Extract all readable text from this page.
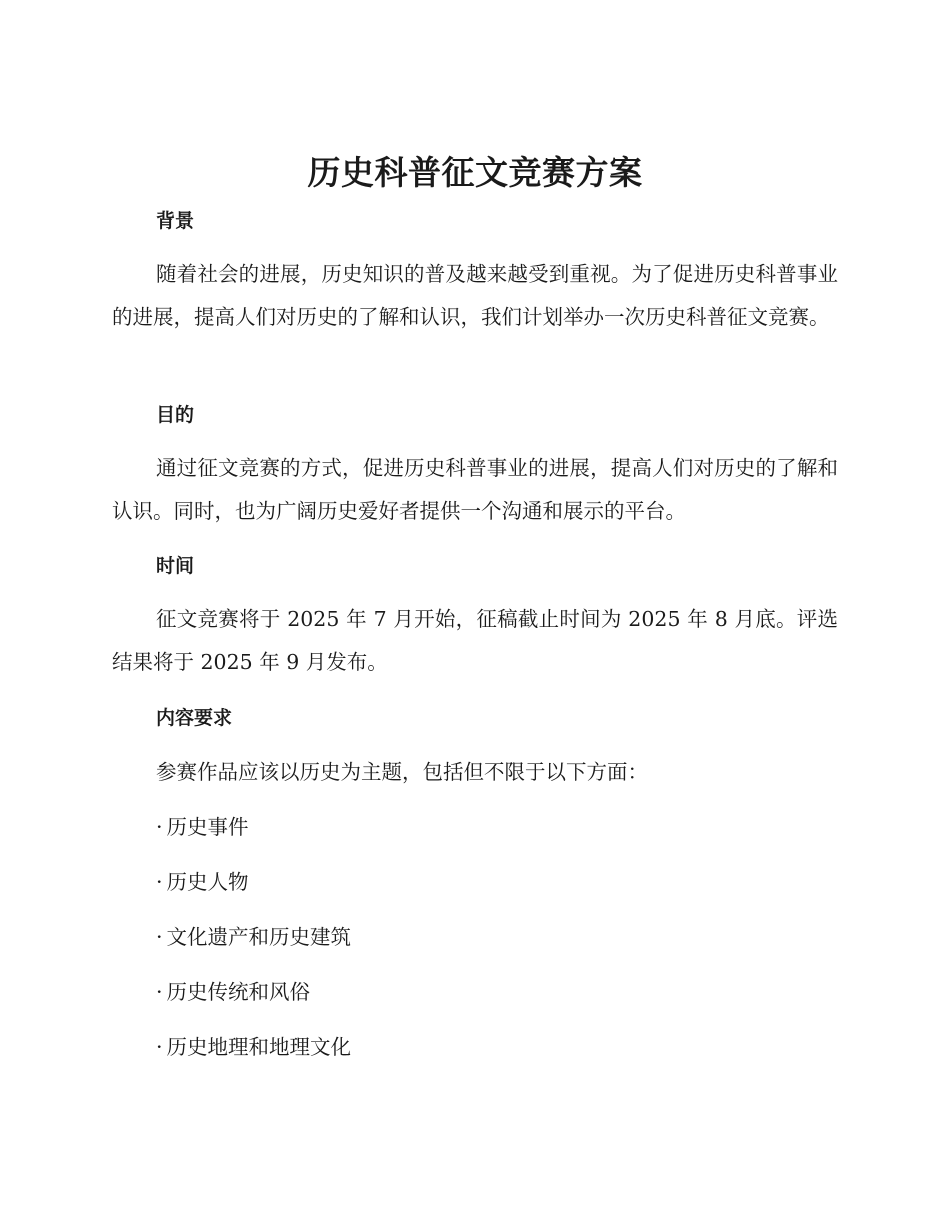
历史科普征文竞赛方案
背景

随着社会的进展，历史知识的普及越来越受到重视。为了促进历史科普事业的进展，提高人们对历史的了解和认识，我们计划举办一次历史科普征文竞赛。

目的

通过征文竞赛的方式，促进历史科普事业的进展，提高人们对历史的了解和认识。同时，也为广阔历史爱好者提供一个沟通和展示的平台。

时间

征文竞赛将于 2025 年 7 月开始，征稿截止时间为 2025 年 8 月底。评选结果将于 2025 年 9 月发布。

内容要求

参赛作品应该以历史为主题，包括但不限于以下方面：

· 历史事件
· 历史人物
· 文化遗产和历史建筑
· 历史传统和风俗
· 历史地理和地理文化
